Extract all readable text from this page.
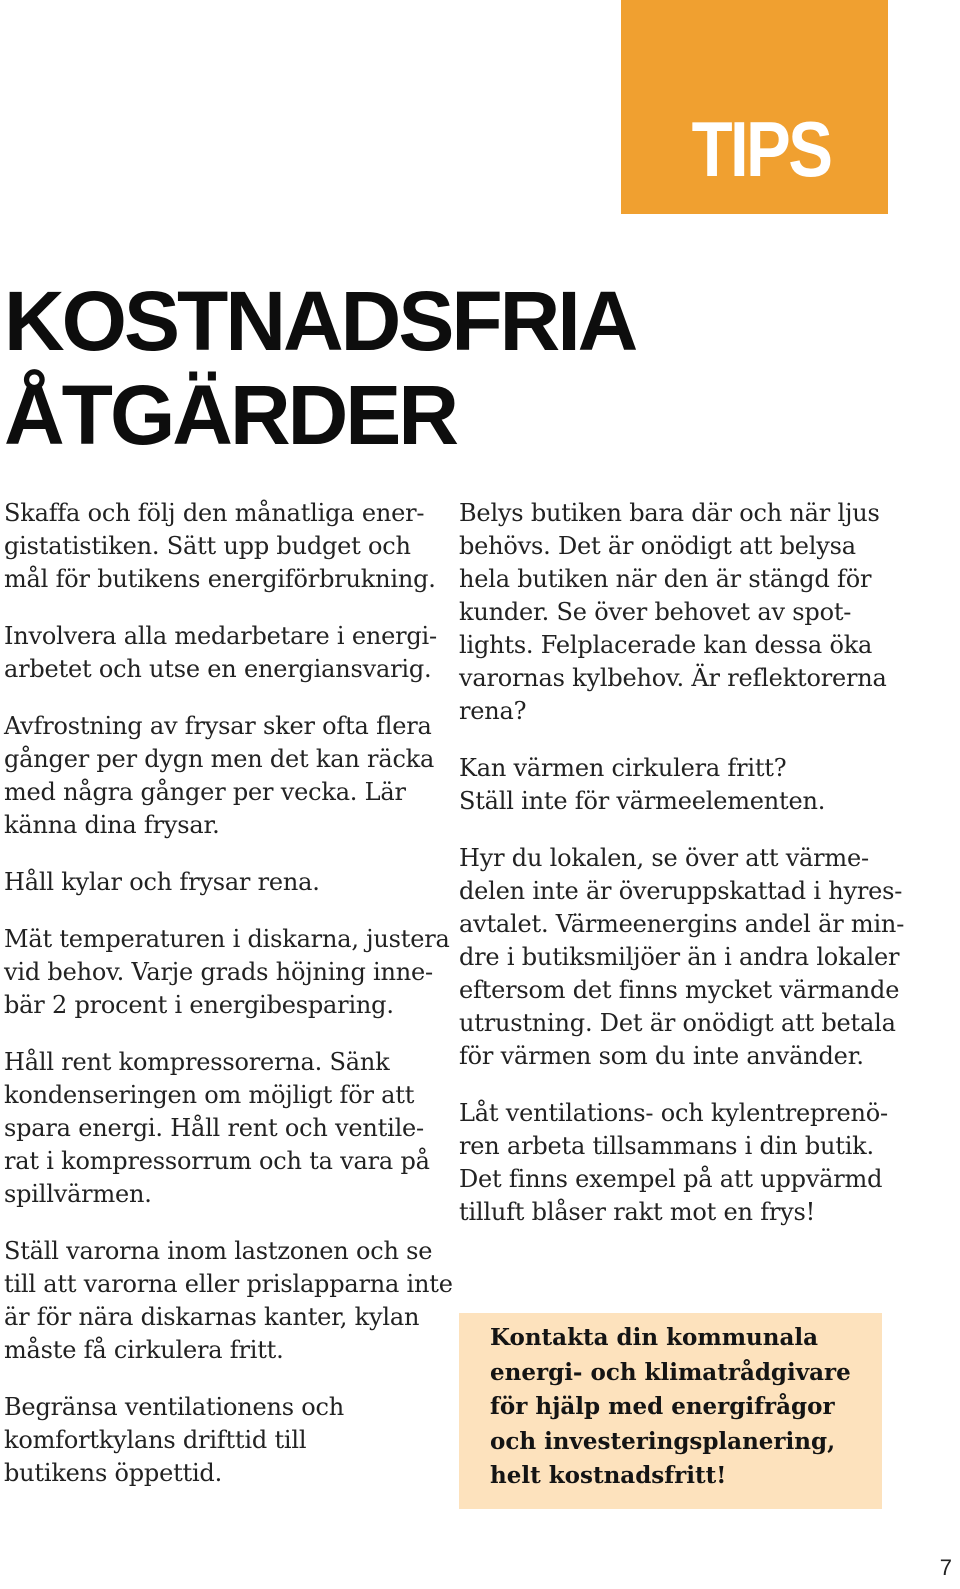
TIPS
KOSTNADSFRIA
ÅTGÄRDER

Skaffa och följ den månatliga ener-
gistatistiken. Sätt upp budget och
mål för butikens energiförbrukning.

Involvera alla medarbetare i energi-
arbetet och utse en energiansvarig.

Avfrostning av frysar sker ofta flera
gånger per dygn men det kan räcka
med några gånger per vecka. Lär
känna dina frysar.

Håll kylar och frysar rena.

Mät temperaturen i diskarna, justera
vid behov. Varje grads höjning inne-
bär 2 procent i energibesparing.

Håll rent kompressorerna. Sänk
kondenseringen om möjligt för att
spara energi. Håll rent och ventile-
rat i kompressorrum och ta vara på
spillvärmen.

Ställ varorna inom lastzonen och se
till att varorna eller prislapparna inte
är för nära diskarnas kanter, kylan
måste få cirkulera fritt.

Begränsa ventilationens och
komfortkylans drifttid till
butikens öppettid.

Belys butiken bara där och när ljus
behövs. Det är onödigt att belysa
hela butiken när den är stängd för
kunder. Se över behovet av spot-
lights. Felplacerade kan dessa öka
varornas kylbehov. Är reflektorerna
rena?

Kan värmen cirkulera fritt?
Ställ inte för värmeelementen.

Hyr du lokalen, se över att värme-
delen inte är överuppskattad i hyres-
avtalet. Värmeenergins andel är min-
dre i butiksmiljöer än i andra lokaler
eftersom det finns mycket värmande
utrustning. Det är onödigt att betala
för värmen som du inte använder.

Låt ventilations- och kylentreprenö-
ren arbeta tillsammans i din butik.
Det finns exempel på att uppvärmd
tilluft blåser rakt mot en frys!

Kontakta din kommunala
energi- och klimatrådgivare
för hjälp med energifrågor
och investeringsplanering,
helt kostnadsfritt!

7
